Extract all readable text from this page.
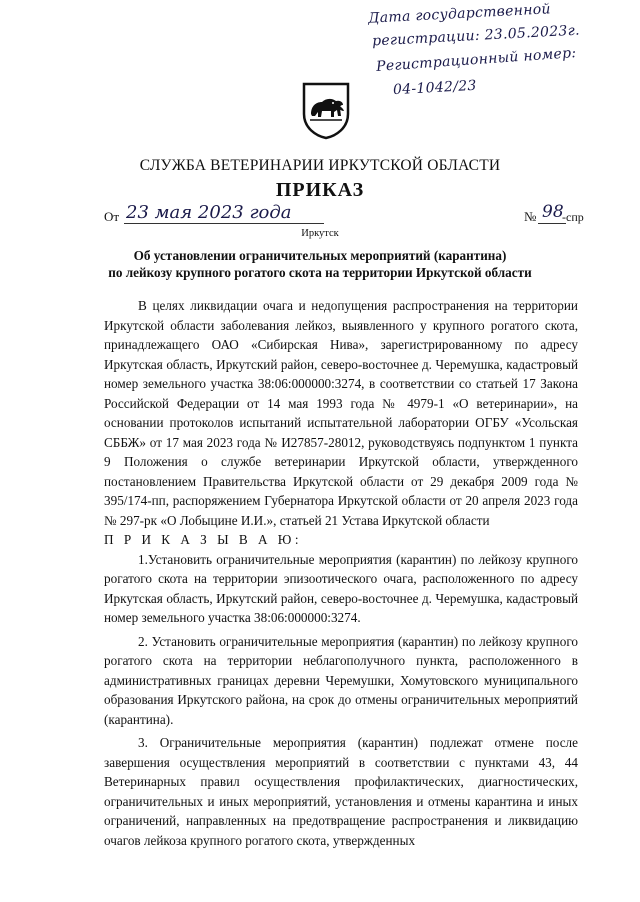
Дата государственной
регистрации: 23.05.2023г.
Регистрационный номер:
04-1042/23
СЛУЖБА ВЕТЕРИНАРИИ ИРКУТСКОЙ ОБЛАСТИ
ПРИКАЗ
От 23 мая 2023 года	№ 98
-спр
Иркутск
Об установлении ограничительных мероприятий (карантина)
по лейкозу крупного рогатого скота на территории Иркутской области

В целях ликвидации очага и недопущения распространения на территории Иркутской области заболевания лейкоз, выявленного у крупного рогатого скота, принадлежащего ОАО «Сибирская Нива», зарегистрированному по адресу Иркутская область, Иркутский район, северо-восточнее д. Черемушка, кадастровый номер земельного участка 38:06:000000:3274, в соответствии со статьей 17 Закона Российской Федерации от 14 мая 1993 года № 4979-1 «О ветеринарии», на основании протоколов испытаний испытательной лаборатории ОГБУ «Усольская СББЖ» от 17 мая 2023 года № И27857-28012, руководствуясь подпунктом 1 пункта 9 Положения о службе ветеринарии Иркутской области, утвержденного постановлением Правительства Иркутской области от 29 декабря 2009 года № 395/174-пп, распоряжением Губернатора Иркутской области от 20 апреля 2023 года № 297-рк «О Лобыцине И.И.», статьей 21 Устава Иркутской области

П Р И К А З Ы В А Ю:

1.Установить ограничительные мероприятия (карантин) по лейкозу крупного рогатого скота на территории эпизоотического очага, расположенного по адресу Иркутская область, Иркутский район, северо-восточнее д. Черемушка, кадастровый номер земельного участка 38:06:000000:3274.

2. Установить ограничительные мероприятия (карантин) по лейкозу крупного рогатого скота на территории неблагополучного пункта, расположенного в административных границах деревни Черемушки, Хомутовского муниципального образования Иркутского района, на срок до отмены ограничительных мероприятий (карантина).

3. Ограничительные мероприятия (карантин) подлежат отмене после завершения осуществления мероприятий в соответствии с пунктами 43, 44 Ветеринарных правил осуществления профилактических, диагностических, ограничительных и иных мероприятий, установления и отмены карантина и иных ограничений, направленных на предотвращение распространения и ликвидацию очагов лейкоза крупного рогатого скота, утвержденных
